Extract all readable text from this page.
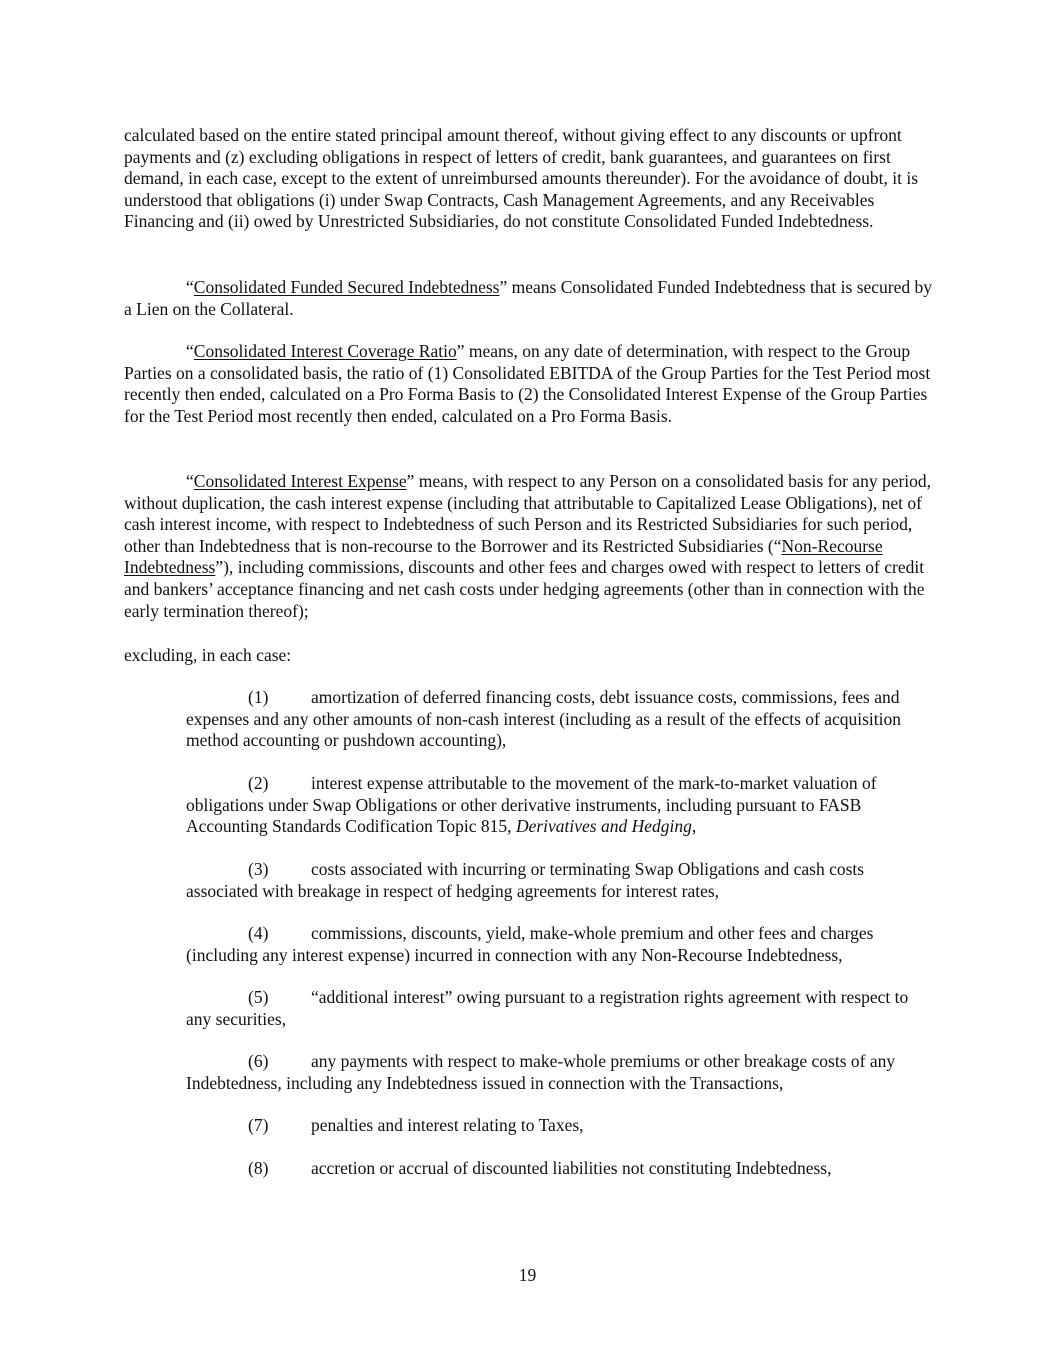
calculated based on the entire stated principal amount thereof, without giving effect to any discounts or upfront payments and (z) excluding obligations in respect of letters of credit, bank guarantees, and guarantees on first demand, in each case, except to the extent of unreimbursed amounts thereunder). For the avoidance of doubt, it is understood that obligations (i) under Swap Contracts, Cash Management Agreements, and any Receivables Financing and (ii) owed by Unrestricted Subsidiaries, do not constitute Consolidated Funded Indebtedness.

“Consolidated Funded Secured Indebtedness” means Consolidated Funded Indebtedness that is secured by a Lien on the Collateral.

“Consolidated Interest Coverage Ratio” means, on any date of determination, with respect to the Group Parties on a consolidated basis, the ratio of (1) Consolidated EBITDA of the Group Parties for the Test Period most recently then ended, calculated on a Pro Forma Basis to (2) the Consolidated Interest Expense of the Group Parties for the Test Period most recently then ended, calculated on a Pro Forma Basis.

“Consolidated Interest Expense” means, with respect to any Person on a consolidated basis for any period, without duplication, the cash interest expense (including that attributable to Capitalized Lease Obligations), net of cash interest income, with respect to Indebtedness of such Person and its Restricted Subsidiaries for such period, other than Indebtedness that is non-recourse to the Borrower and its Restricted Subsidiaries (“Non-Recourse Indebtedness”), including commissions, discounts and other fees and charges owed with respect to letters of credit and bankers’ acceptance financing and net cash costs under hedging agreements (other than in connection with the early termination thereof);

excluding, in each case:

(1) amortization of deferred financing costs, debt issuance costs, commissions, fees and expenses and any other amounts of non-cash interest (including as a result of the effects of acquisition method accounting or pushdown accounting),

(2) interest expense attributable to the movement of the mark-to-market valuation of obligations under Swap Obligations or other derivative instruments, including pursuant to FASB Accounting Standards Codification Topic 815, Derivatives and Hedging,

(3) costs associated with incurring or terminating Swap Obligations and cash costs associated with breakage in respect of hedging agreements for interest rates,

(4) commissions, discounts, yield, make-whole premium and other fees and charges (including any interest expense) incurred in connection with any Non-Recourse Indebtedness,

(5) “additional interest” owing pursuant to a registration rights agreement with respect to any securities,

(6) any payments with respect to make-whole premiums or other breakage costs of any Indebtedness, including any Indebtedness issued in connection with the Transactions,

(7) penalties and interest relating to Taxes,

(8) accretion or accrual of discounted liabilities not constituting Indebtedness,

19
